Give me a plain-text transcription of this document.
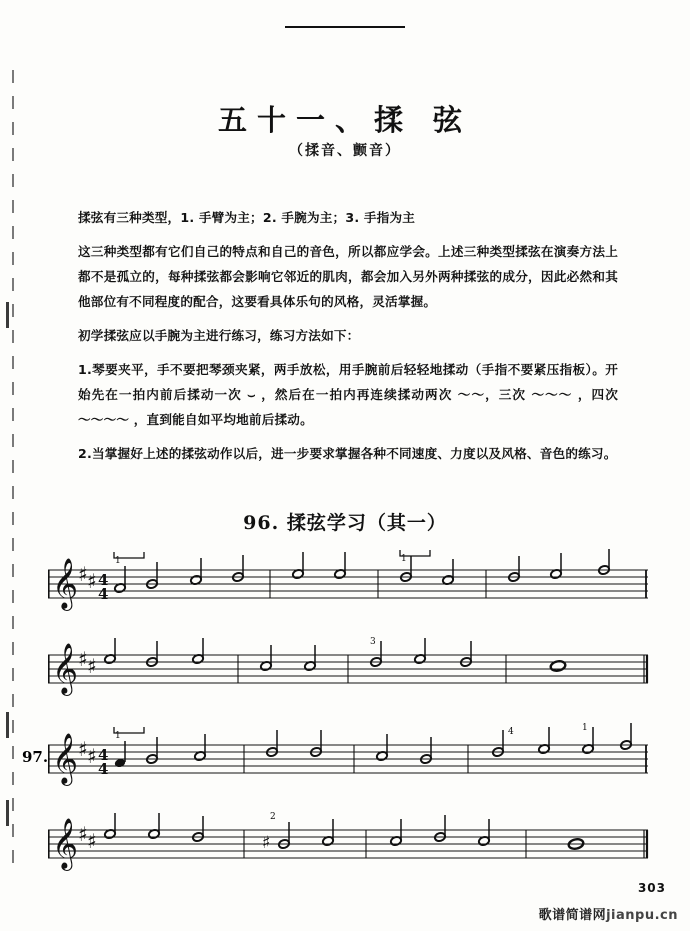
五十一、揉 弦
（揉音、颤音）

揉弦有三种类型，1. 手臂为主；2. 手腕为主；3. 手指为主

这三种类型都有它们自己的特点和自己的音色，所以都应学会。上述三种类型揉弦在演奏方法上都不是孤立的，每种揉弦都会影响它邻近的肌肉，都会加入另外两种揉弦的成分，因此必然和其他部位有不同程度的配合，这要看具体乐句的风格，灵活掌握。

初学揉弦应以手腕为主进行练习，练习方法如下：

1.琴要夹平，手不要把琴颈夹紧，两手放松，用手腕前后轻轻地揉动（手指不要紧压指板）。开始先在一拍内前后揉动一次 ⌣ ，然后在一拍内再连续揉动两次 〜〜，三次 〜〜〜 ，四次 〜〜〜〜 ，直到能自如平均地前后揉动。

2.当掌握好上述的揉弦动作以后，进一步要求掌握各种不同速度、力度以及风格、音色的练习。

96. 揉弦学习（其一）
𝄞
𝄞 ♯ ♯ 4
4
1	1
𝄞 ♯ ♯
3
𝄞 ♯ ♯ 4
4
1	4	1
𝄞 ♯ ♯
2
♯
97.
303
歌谱简谱网jianpu.cn
